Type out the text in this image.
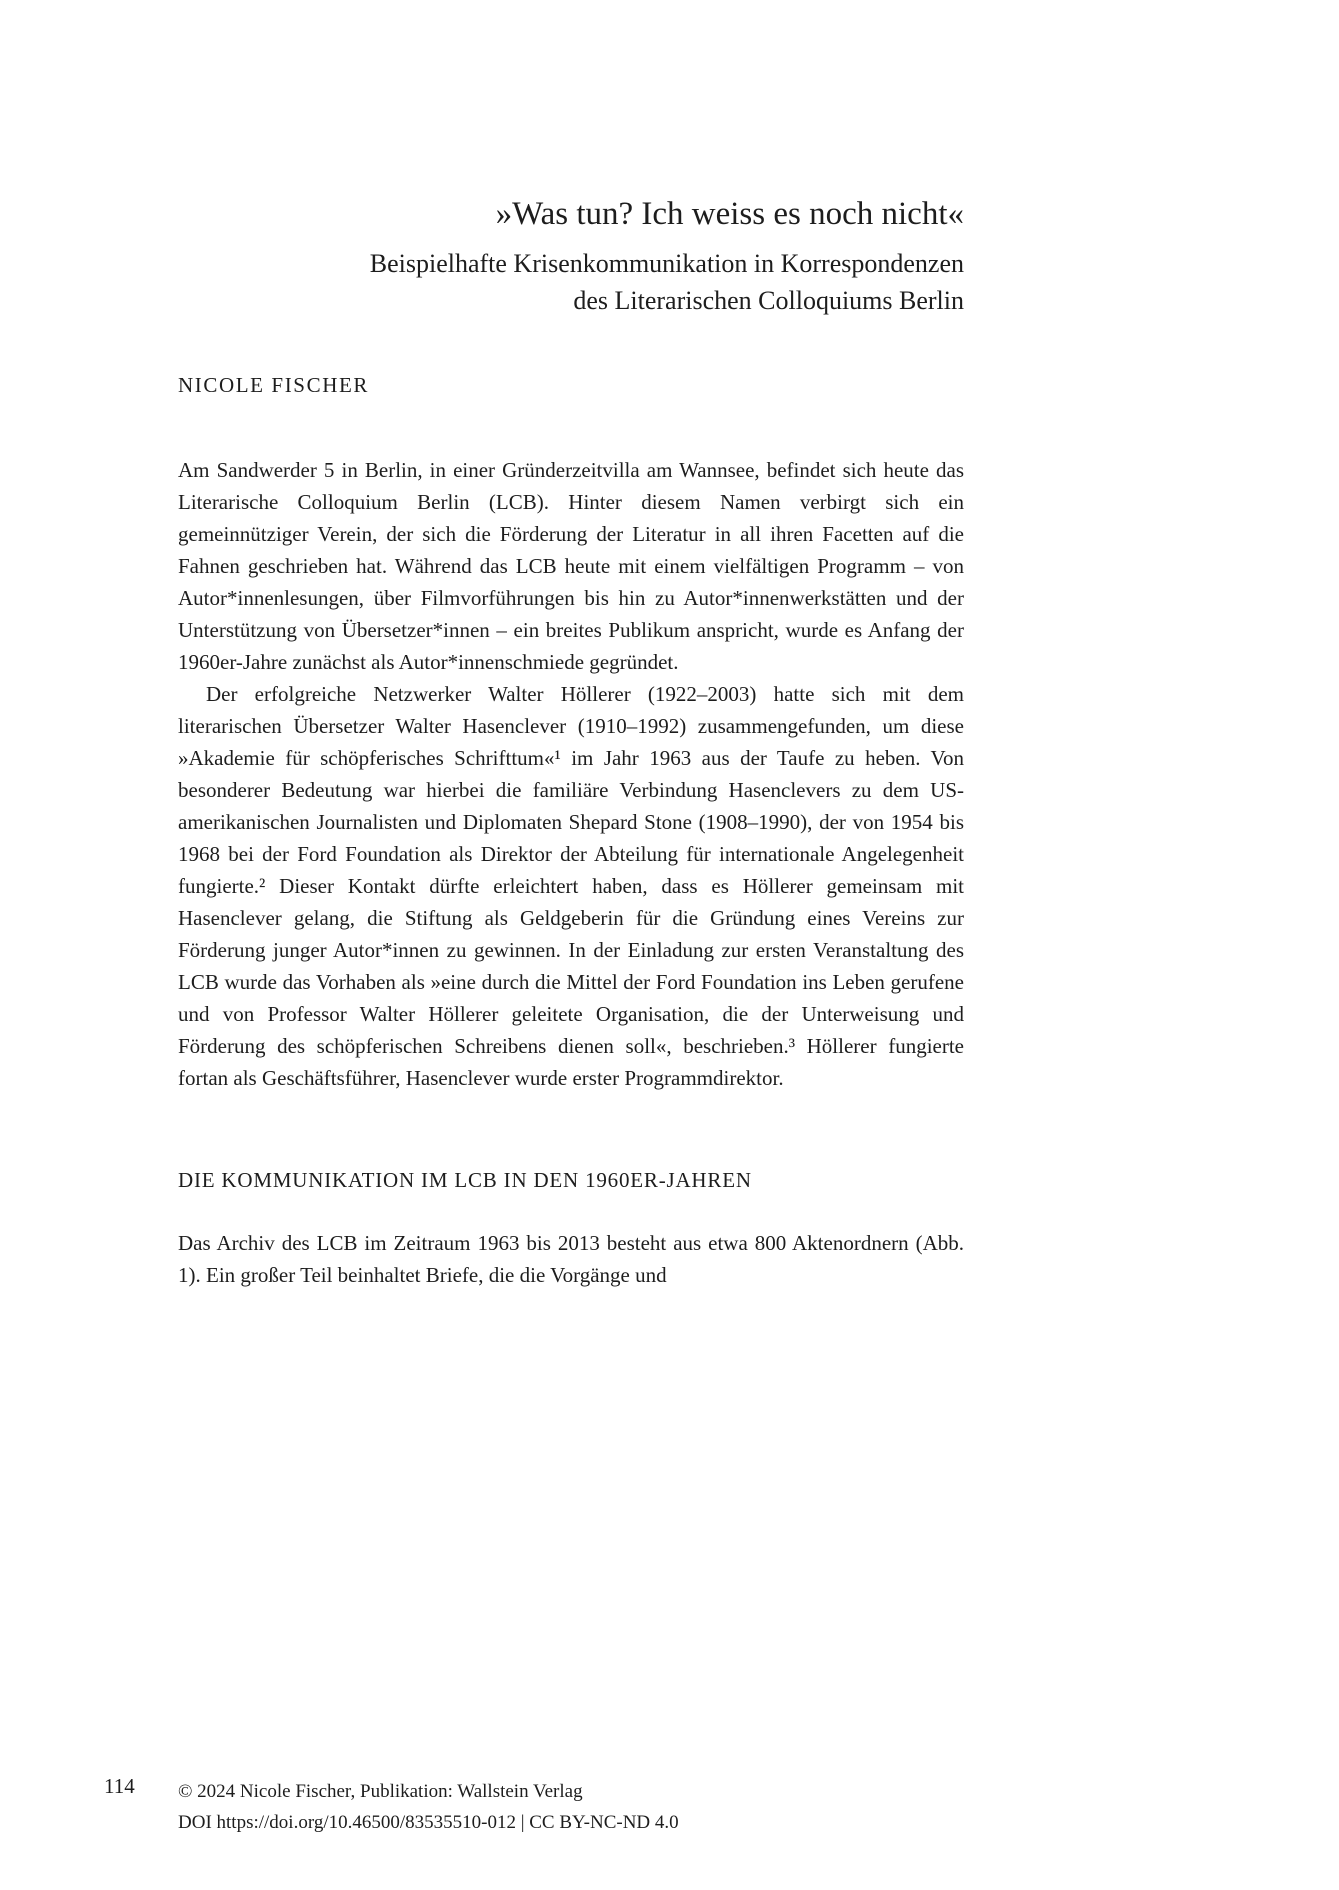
»Was tun? Ich weiss es noch nicht«
Beispielhafte Krisenkommunikation in Korrespondenzen
des Literarischen Colloquiums Berlin
NICOLE FISCHER

Am Sandwerder 5 in Berlin, in einer Gründerzeitvilla am Wannsee, befindet sich heute das Literarische Colloquium Berlin (LCB). Hinter diesem Namen verbirgt sich ein gemeinnütziger Verein, der sich die Förderung der Literatur in all ihren Facetten auf die Fahnen geschrieben hat. Während das LCB heute mit einem vielfältigen Programm – von Autor*innenlesungen, über Filmvorführungen bis hin zu Autor*innenwerkstätten und der Unterstützung von Übersetzer*innen – ein breites Publikum anspricht, wurde es Anfang der 1960er-Jahre zunächst als Autor*innenschmiede gegründet.

Der erfolgreiche Netzwerker Walter Höllerer (1922–2003) hatte sich mit dem literarischen Übersetzer Walter Hasenclever (1910–1992) zusammengefunden, um diese »Akademie für schöpferisches Schrifttum«¹ im Jahr 1963 aus der Taufe zu heben. Von besonderer Bedeutung war hierbei die familiäre Verbindung Hasenclevers zu dem US-amerikanischen Journalisten und Diplomaten Shepard Stone (1908–1990), der von 1954 bis 1968 bei der Ford Foundation als Direktor der Abteilung für internationale Angelegenheit fungierte.² Dieser Kontakt dürfte erleichtert haben, dass es Höllerer gemeinsam mit Hasenclever gelang, die Stiftung als Geldgeberin für die Gründung eines Vereins zur Förderung junger Autor*innen zu gewinnen. In der Einladung zur ersten Veranstaltung des LCB wurde das Vorhaben als »eine durch die Mittel der Ford Foundation ins Leben gerufene und von Professor Walter Höllerer geleitete Organisation, die der Unterweisung und Förderung des schöpferischen Schreibens dienen soll«, beschrieben.³ Höllerer fungierte fortan als Geschäftsführer, Hasenclever wurde erster Programmdirektor.

DIE KOMMUNIKATION IM LCB IN DEN 1960ER-JAHREN

Das Archiv des LCB im Zeitraum 1963 bis 2013 besteht aus etwa 800 Aktenordnern (Abb. 1). Ein großer Teil beinhaltet Briefe, die die Vorgänge und

114 © 2024 Nicole Fischer, Publikation: Wallstein Verlag
DOI https://doi.org/10.46500/83535510-012 | CC BY-NC-ND 4.0
